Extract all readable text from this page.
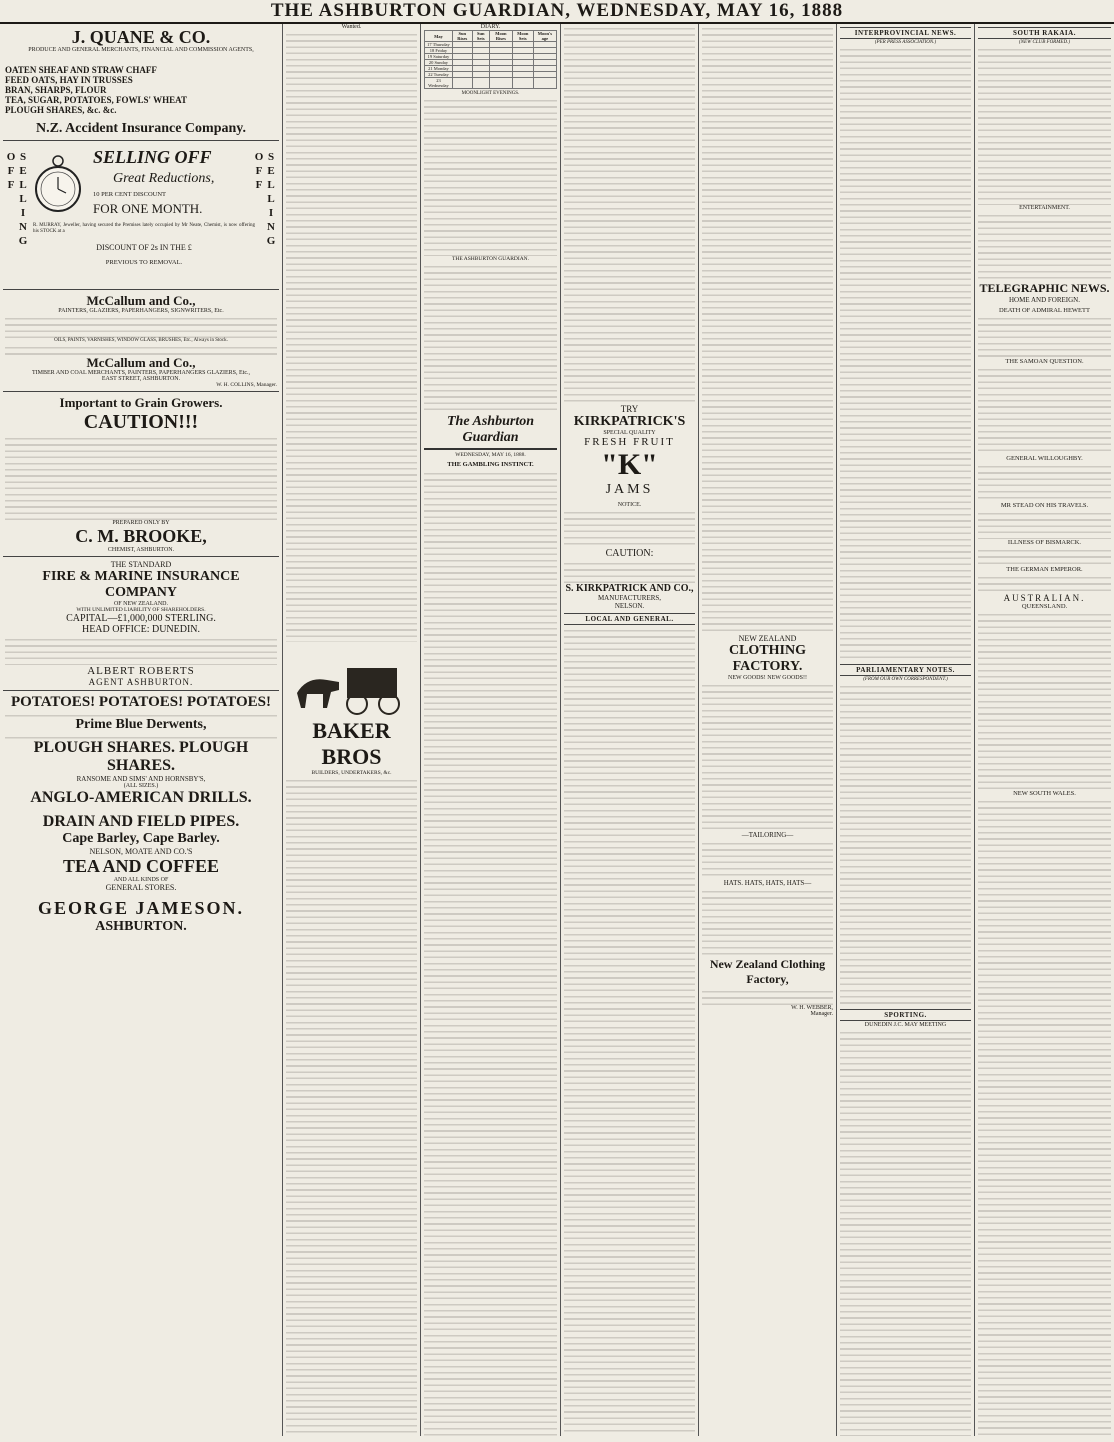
THE ASHBURTON GUARDIAN, WEDNESDAY, MAY 16, 1888
J. QUANE & CO.
PRODUCE AND GENERAL MERCHANTS, FINANCIAL AND COMMISSION AGENTS,
OATEN SHEAF AND STRAW CHAFF
FEED OATS, HAY IN TRUSSES
BRAN, SHARPS, FLOUR
TEA, SUGAR, POTATOES, FOWLS' WHEAT
PLOUGH SHARES, &c. &c.
N.Z. Accident Insurance Company.
SELLING OFF	SELLING OFF
SELLING OFF
Great Reductions,
10 PER CENT DISCOUNT
FOR ONE MONTH.
R. MURRAY, Jeweller, having secured the Premises lately occupied by Mr Neate, Chemist, is now offering his STOCK at a
DISCOUNT OF 2s IN THE £
PREVIOUS TO REMOVAL.
McCallum and Co.,
PAINTERS, GLAZIERS, PAPERHANGERS, SIGNWRITERS, Etc.
OILS, PAINTS, VARNISHES, WINDOW GLASS, BRUSHES, Etc., Always in Stock.
McCallum and Co.,
TIMBER AND COAL MERCHANTS, PAINTERS, PAPERHANGERS GLAZIERS, Etc.,
EAST STREET, ASHBURTON.
W. H. COLLINS, Manager.
Important to Grain Growers.
CAUTION!!!
PREPARED ONLY BY
C. M. BROOKE,
CHEMIST, ASHBURTON.
THE STANDARD
FIRE & MARINE INSURANCE COMPANY
OF NEW ZEALAND.
WITH UNLIMITED LIABILITY OF SHAREHOLDERS.
CAPITAL—£1,000,000 STERLING.
HEAD OFFICE: DUNEDIN.
ALBERT ROBERTS
AGENT ASHBURTON.
POTATOES! POTATOES! POTATOES!
Prime Blue Derwents,
PLOUGH SHARES. PLOUGH SHARES.
RANSOME AND SIMS' AND HORNSBY'S,
(ALL SIZES.)
ANGLO-AMERICAN DRILLS.
DRAIN AND FIELD PIPES.
Cape Barley, Cape Barley.
NELSON, MOATE AND CO.'S
TEA AND COFFEE
AND ALL KINDS OF
GENERAL STORES.
GEORGE JAMESON.
ASHBURTON.
Wanted.
BAKER BROS
BUILDERS, UNDERTAKERS, &c.
DIARY.
May	Sun Rises	Sun Sets	Moon Rises	Moon Sets	Moon's age
17 Thursday					
18 Friday					
19 Saturday					
20 Sunday					
21 Monday					
22 Tuesday					
23 Wednesday					
MOONLIGHT EVENINGS.
THE ASHBURTON GUARDIAN.
The Ashburton Guardian
WEDNESDAY, MAY 16, 1888.
THE GAMBLING INSTINCT.
TRY
KIRKPATRICK'S
SPECIAL QUALITY
FRESH FRUIT
"K"
JAMS
NOTICE.
CAUTION:
S. KIRKPATRICK AND CO.,
MANUFACTURERS,
NELSON.
LOCAL AND GENERAL.
NEW ZEALAND
CLOTHING FACTORY.
NEW GOODS! NEW GOODS!!
—TAILORING—
HATS. HATS, HATS, HATS—
New Zealand Clothing Factory,
W. H. WEBBER,
Manager.
INTERPROVINCIAL NEWS.
(PER PRESS ASSOCIATION.)
PARLIAMENTARY NOTES.
(FROM OUR OWN CORRESPONDENT.)
SPORTING.
DUNEDIN J.C. MAY MEETING
SOUTH RAKAIA.
(NEW CLUB FORMED.)
ENTERTAINMENT.
TELEGRAPHIC NEWS.
HOME AND FOREIGN.
DEATH OF ADMIRAL HEWETT
THE SAMOAN QUESTION.
GENERAL WILLOUGHBY.
MR STEAD ON HIS TRAVELS.
ILLNESS OF BISMARCK.
THE GERMAN EMPEROR.
AUSTRALIAN.
QUEENSLAND.
NEW SOUTH WALES.
